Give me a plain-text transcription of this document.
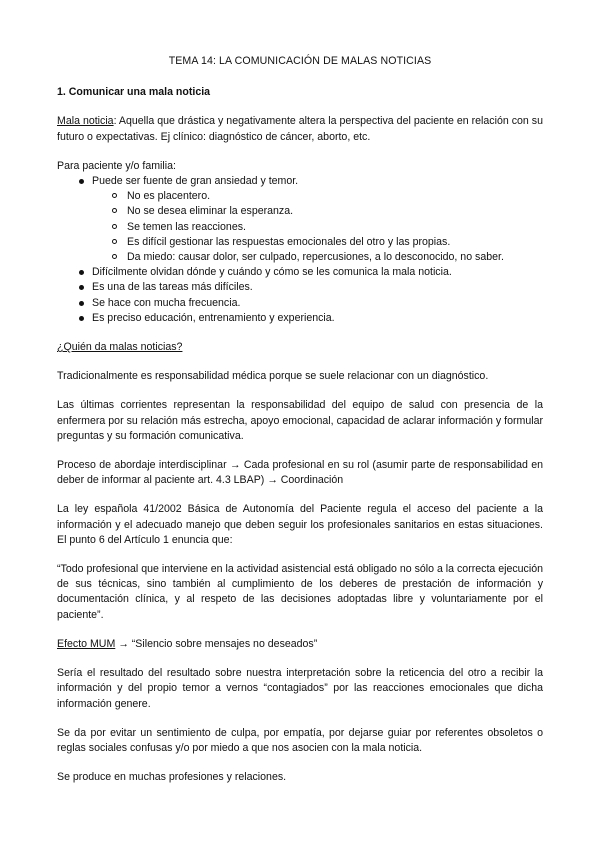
TEMA 14: LA COMUNICACIÓN DE MALAS NOTICIAS
1. Comunicar una mala noticia

Mala noticia: Aquella que drástica y negativamente altera la perspectiva del paciente en relación con su futuro o expectativas. Ej clínico: diagnóstico de cáncer, aborto, etc.

Para paciente y/o familia:
Puede ser fuente de gran ansiedad y temor.
No es placentero.
No se desea eliminar la esperanza.
Se temen las reacciones.
Es difícil gestionar las respuestas emocionales del otro y las propias.
Da miedo: causar dolor, ser culpado, repercusiones, a lo desconocido, no saber.
Difícilmente olvidan dónde y cuándo y cómo se les comunica la mala noticia.
Es una de las tareas más difíciles.
Se hace con mucha frecuencia.
Es preciso educación, entrenamiento y experiencia.

¿Quién da malas noticias?

Tradicionalmente es responsabilidad médica porque se suele relacionar con un diagnóstico.

Las últimas corrientes representan la responsabilidad del equipo de salud con presencia de la enfermera por su relación más estrecha, apoyo emocional, capacidad de aclarar información y formular preguntas y su formación comunicativa.

Proceso de abordaje interdisciplinar → Cada profesional en su rol (asumir parte de responsabilidad en deber de informar al paciente art. 4.3 LBAP) → Coordinación

La ley española 41/2002 Básica de Autonomía del Paciente regula el acceso del paciente a la información y el adecuado manejo que deben seguir los profesionales sanitarios en estas situaciones. El punto 6 del Artículo 1 enuncia que:

“Todo profesional que interviene en la actividad asistencial está obligado no sólo a la correcta ejecución de sus técnicas, sino también al cumplimiento de los deberes de prestación de información y documentación clínica, y al respeto de las decisiones adoptadas libre y voluntariamente por el paciente”.

Efecto MUM → “Silencio sobre mensajes no deseados”

Sería el resultado del resultado sobre nuestra interpretación sobre la reticencia del otro a recibir la información y del propio temor a vernos “contagiados” por las reacciones emocionales que dicha información genere.

Se da por evitar un sentimiento de culpa, por empatía, por dejarse guiar por referentes obsoletos o reglas sociales confusas y/o por miedo a que nos asocien con la mala noticia.

Se produce en muchas profesiones y relaciones.
